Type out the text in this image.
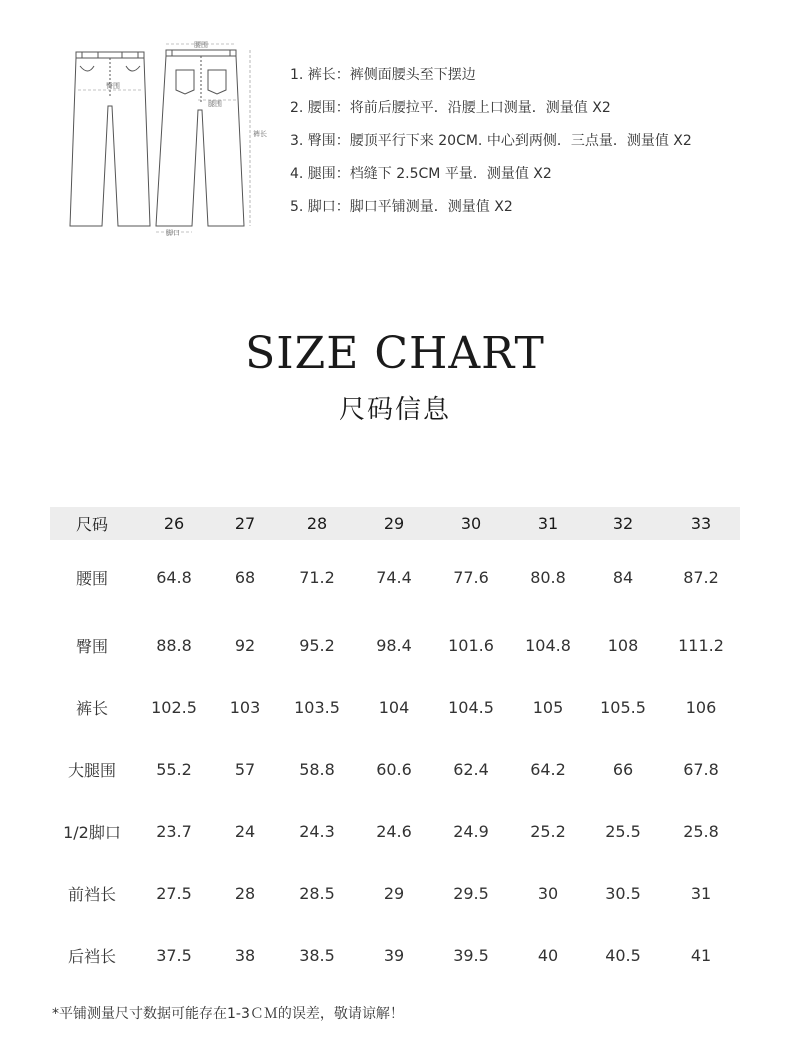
腰围
臀围
裤长
腿围
脚口
1. 裤长：裤侧面腰头至下摆边
2. 腰围：将前后腰拉平．沿腰上口测量．测量值 X2
3. 臀围：腰顶平行下来 20CM. 中心到两侧．三点量．测量值 X2
4. 腿围：档缝下 2.5CM 平量．测量值 X2
5. 脚口：脚口平铺测量．测量值 X2
SIZE CHART
尺码信息
尺码	26	27	28	29	30	31	32	33
腰围	64.8	68	71.2	74.4	77.6	80.8	84	87.2
臀围	88.8	92	95.2	98.4	101.6	104.8	108	111.2
裤长	102.5	103	103.5	104	104.5	105	105.5	106
大腿围	55.2	57	58.8	60.6	62.4	64.2	66	67.8
1/2脚口	23.7	24	24.3	24.6	24.9	25.2	25.5	25.8
前裆长	27.5	28	28.5	29	29.5	30	30.5	31
后裆长	37.5	38	38.5	39	39.5	40	40.5	41
*平铺测量尺寸数据可能存在1-3ＣＭ的误差，敬请谅解！
